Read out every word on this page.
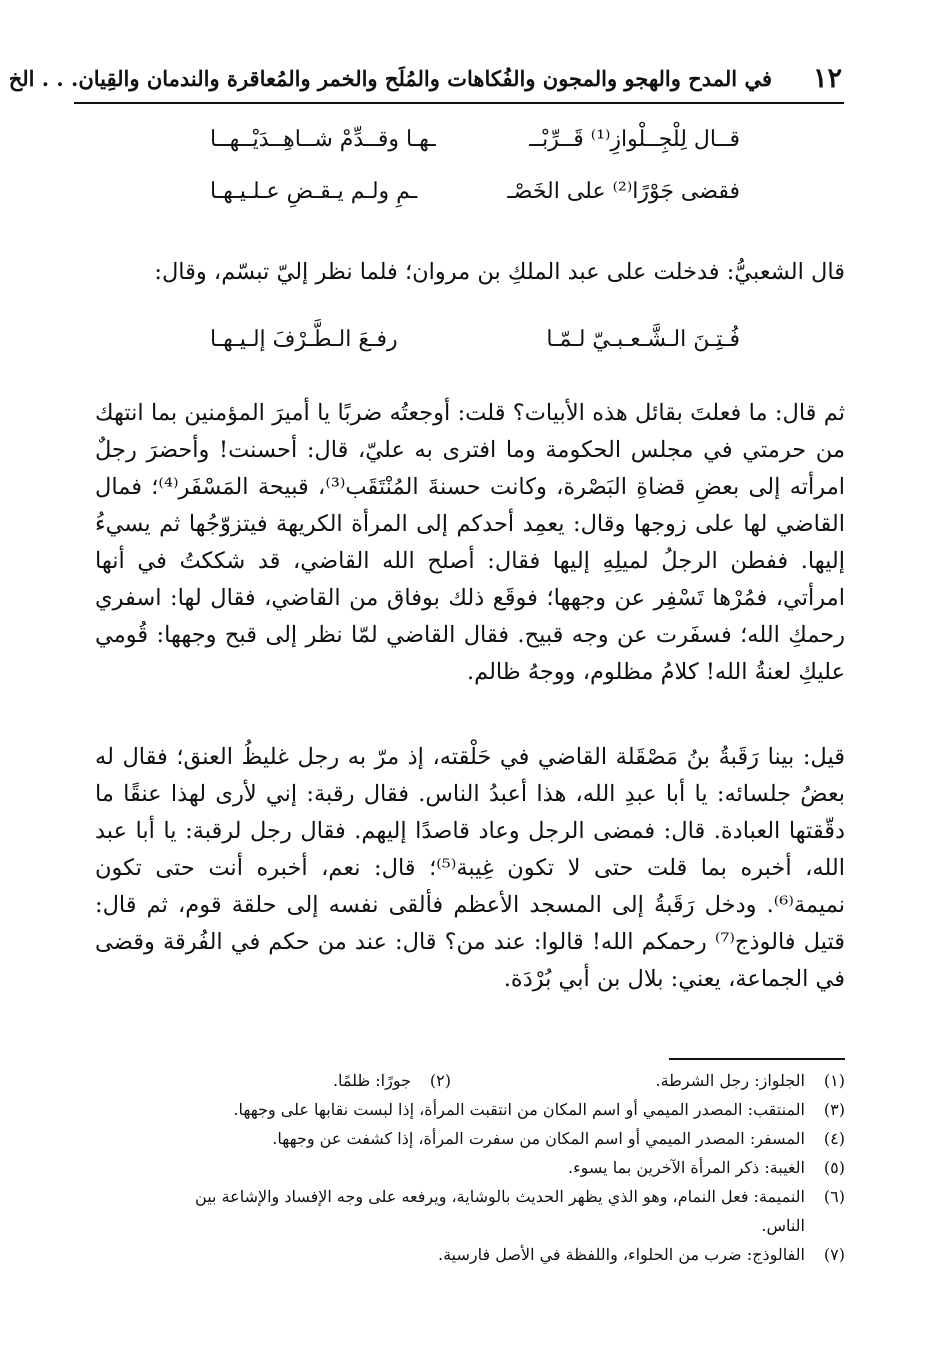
١٢
في المدح والهجو والمجون والفُكاهات والمُلَح والخمر والمُعاقرة والندمان والقِيان. . . الخ
قــال لِلْجِــلْوازِ⁽¹⁾ قَــرِّبْــ
ـهـا وقــدِّمْ شــاهِــدَيْــهــا
فقضى جَوْرًا⁽²⁾ على الخَصْـ
ـمِ ولـم يـقـضِ عـلـيـهـا

قال الشعبيُّ: فدخلت على عبد الملكِ بن مروان؛ فلما نظر إليّ تبسّم، وقال:

فُـتِـنَ الـشَّـعـبـيّ لـمّـا
رفـعَ الـطَّـرْفَ إلـيـهـا

ثم قال: ما فعلتَ بقائل هذه الأبيات؟ قلت: أوجعتُه ضربًا يا أميرَ المؤمنين بما انتهك من حرمتي في مجلس الحكومة وما افترى به عليّ، قال: أحسنت! وأحضرَ رجلٌ امرأته إلى بعضِ قضاةِ البَصْرة، وكانت حسنةَ المُنْتَقَب⁽³⁾، قبيحة المَسْفَر⁽⁴⁾؛ فمال القاضي لها على زوجها وقال: يعمِد أحدكم إلى المرأة الكريهة فيتزوّجُها ثم يسيءُ إليها. ففطن الرجلُ لميلِهِ إليها فقال: أصلح الله القاضي، قد شككتُ في أنها امرأتي، فمُرْها تَسْفِر عن وجهها؛ فوقَع ذلك بوفاق من القاضي، فقال لها: اسفري رحمكِ الله؛ فسفَرت عن وجه قبيح. فقال القاضي لمّا نظر إلى قبح وجهها: قُومي عليكِ لعنةُ الله! كلامُ مظلوم، ووجهُ ظالم.

قيل: بينا رَقَبةُ بنُ مَصْقَلة القاضي في حَلْقته، إذ مرّ به رجل غليظُ العنق؛ فقال له بعضُ جلسائه: يا أبا عبدِ الله، هذا أعبدُ الناس. فقال رقبة: إني لأرى لهذا عنقًا ما دقّقتها العبادة. قال: فمضى الرجل وعاد قاصدًا إليهم. فقال رجل لرقبة: يا أبا عبد الله، أخبره بما قلت حتى لا تكون غِيبة⁽⁵⁾؛ قال: نعم، أخبره أنت حتى تكون نميمة⁽⁶⁾. ودخل رَقَبةُ إلى المسجد الأعظم فألقى نفسه إلى حلقة قوم، ثم قال: قتيل فالوذج⁽⁷⁾ رحمكم الله! قالوا: عند من؟ قال: عند من حكم في الفُرقة وقضى في الجماعة، يعني: بلال بن أبي بُرْدَة.

(١)الجلواز: رجل الشرطة.
(٢)جورًا: ظلمًا.
(٣)المنتقب: المصدر الميمي أو اسم المكان من انتقبت المرأة، إذا لبست نقابها على وجهها.
(٤)المسفر: المصدر الميمي أو اسم المكان من سفرت المرأة، إذا كشفت عن وجهها.
(٥)الغيبة: ذكر المرأة الآخرين بما يسوء.
(٦)النميمة: فعل النمام، وهو الذي يظهر الحديث بالوشاية، ويرفعه على وجه الإفساد والإشاعة بين
الناس.
(٧)الفالوذج: ضرب من الحلواء، واللفظة في الأصل فارسية.
